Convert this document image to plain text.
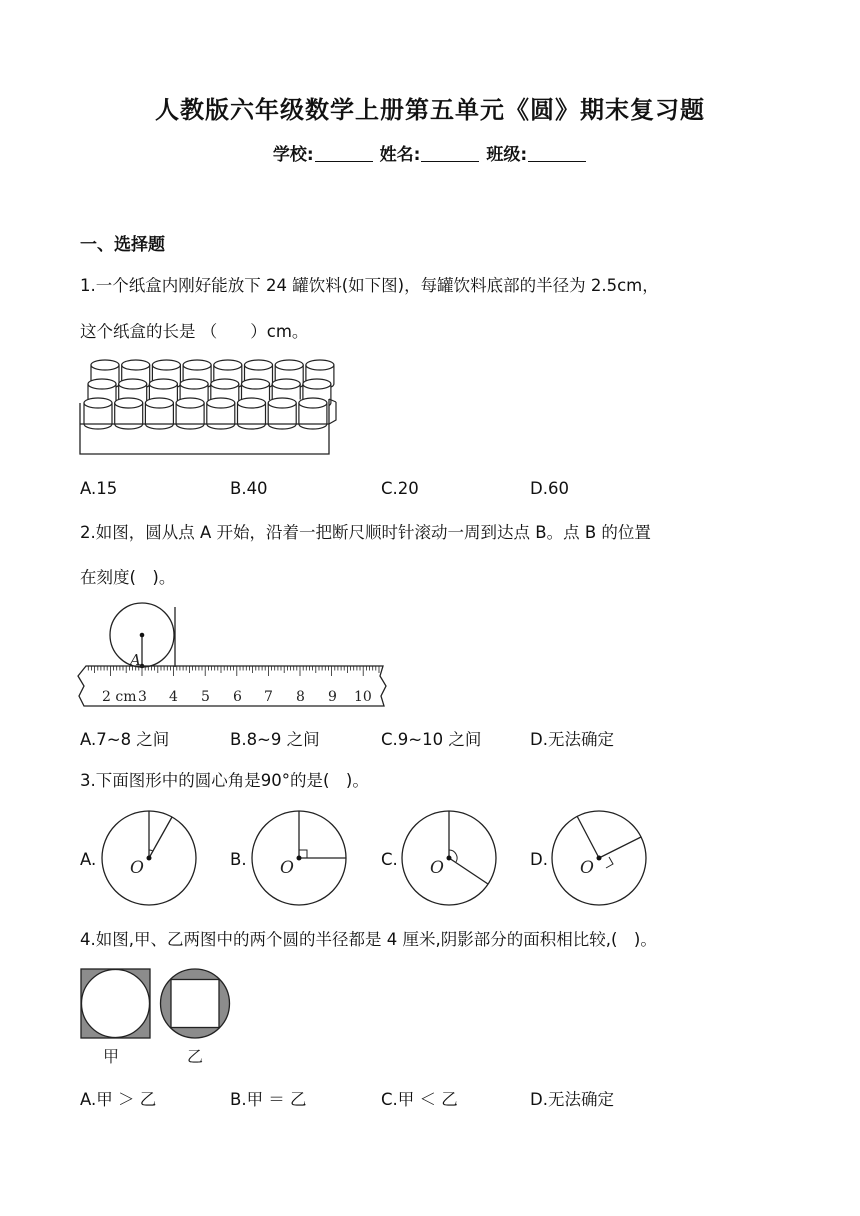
人教版六年级数学上册第五单元《圆》期末复习题
学校:	姓名:	班级:
一、选择题
1.一个纸盒内刚好能放下 24 罐饮料(如下图)，每罐饮料底部的半径为 2.5cm，
这个纸盒的长是 （　　）cm。
A.15	B.40	C.20	D.60
2.如图，圆从点 A 开始，沿着一把断尺顺时针滚动一周到达点 B。点 B 的位置
在刻度(　)。
A
2 cm 3 4 5 6 7 8 9 10
A.7~8 之间	B.8~9 之间	C.9~10 之间	D.无法确定
3.下面图形中的圆心角是90°的是(　)。
A.	B.	C.	D.
O	O	O	O
4.如图,甲、乙两图中的两个圆的半径都是 4 厘米,阴影部分的面积相比较,(　)。
甲	乙
A.甲 ＞ 乙	B.甲 ＝ 乙	C.甲 ＜ 乙	D.无法确定
